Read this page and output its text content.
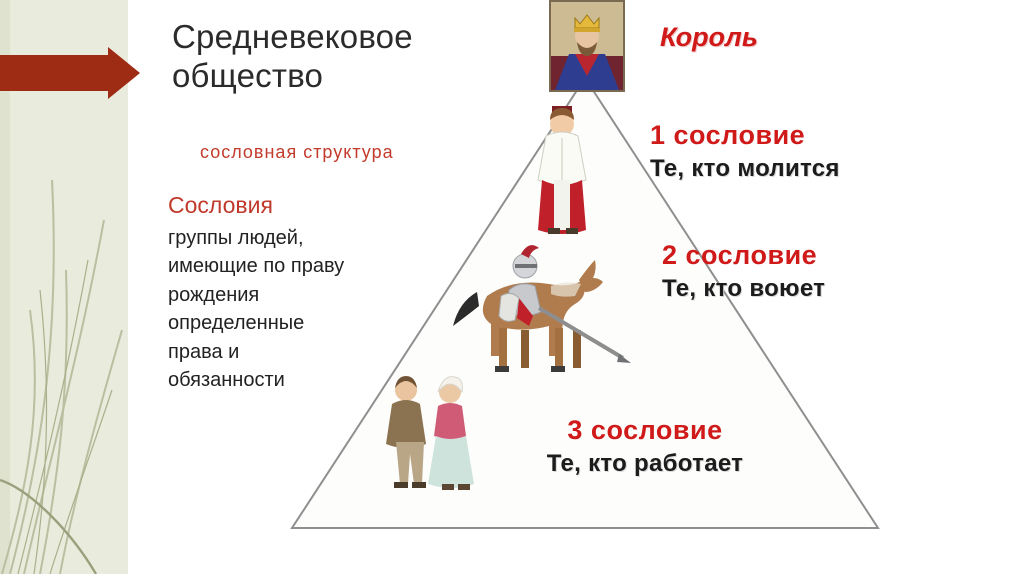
Средневековое общество
сословная структура
Сословия
группы людей, имеющие по праву рождения определенные права и обязанности
Король
1 сословие
Те, кто молится
2 сословие
Те, кто воюет
3 сословие
Те, кто работает
